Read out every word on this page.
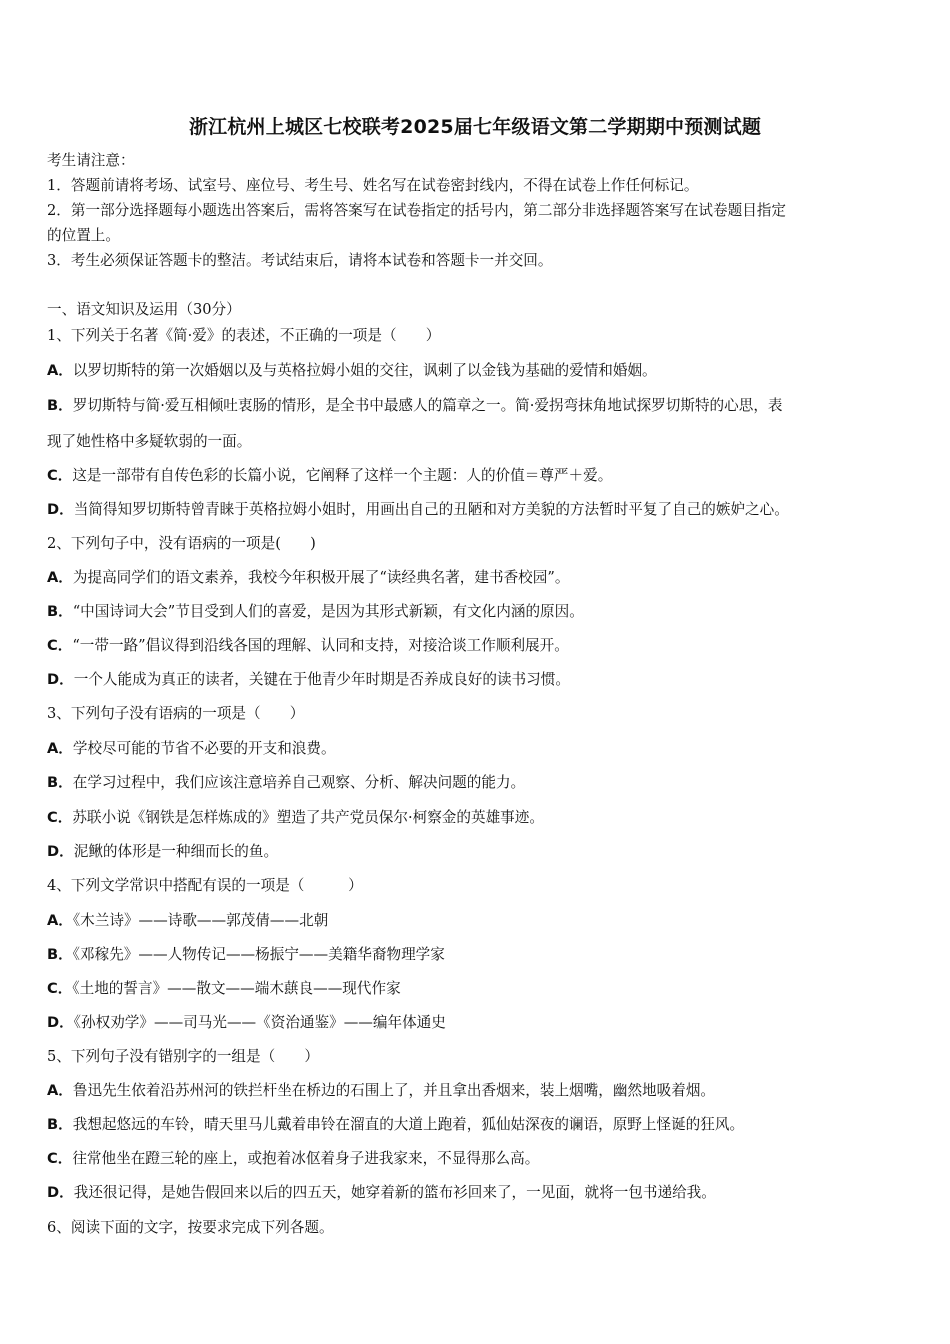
浙江杭州上城区七校联考2025届七年级语文第二学期期中预测试题
考生请注意：
1．答题前请将考场、试室号、座位号、考生号、姓名写在试卷密封线内，不得在试卷上作任何标记。
2．第一部分选择题每小题选出答案后，需将答案写在试卷指定的括号内，第二部分非选择题答案写在试卷题目指定
的位置上。
3．考生必须保证答题卡的整洁。考试结束后，请将本试卷和答题卡一并交回。
一、语文知识及运用（30分）
1、下列关于名著《简·爱》的表述，不正确的一项是（　　）
A．以罗切斯特的第一次婚姻以及与英格拉姆小姐的交往，讽刺了以金钱为基础的爱情和婚姻。
B．罗切斯特与简·爱互相倾吐衷肠的情形，是全书中最感人的篇章之一。简·爱拐弯抹角地试探罗切斯特的心思，表
现了她性格中多疑软弱的一面。
C．这是一部带有自传色彩的长篇小说，它阐释了这样一个主题：人的价值＝尊严＋爱。
D．当简得知罗切斯特曾青睐于英格拉姆小姐时，用画出自己的丑陋和对方美貌的方法暂时平复了自己的嫉妒之心。
2、下列句子中，没有语病的一项是(　　)
A．为提高同学们的语文素养，我校今年积极开展了“读经典名著，建书香校园”。
B．“中国诗词大会”节目受到人们的喜爱，是因为其形式新颖，有文化内涵的原因。
C．“一带一路”倡议得到沿线各国的理解、认同和支持，对接洽谈工作顺利展开。
D．一个人能成为真正的读者，关键在于他青少年时期是否养成良好的读书习惯。
3、下列句子没有语病的一项是（　　）
A．学校尽可能的节省不必要的开支和浪费。
B．在学习过程中，我们应该注意培养自己观察、分析、解决问题的能力。
C．苏联小说《钢铁是怎样炼成的》塑造了共产党员保尔·柯察金的英雄事迹。
D．泥鳅的体形是一种细而长的鱼。
4、下列文学常识中搭配有误的一项是（　　　）
A．《木兰诗》——诗歌——郭茂倩——北朝
B．《邓稼先》——人物传记——杨振宁——美籍华裔物理学家
C．《土地的誓言》——散文——端木蕻良——现代作家
D．《孙权劝学》——司马光——《资治通鉴》——编年体通史
5、下列句子没有错别字的一组是（　　）
A．鲁迅先生依着沿苏州河的铁拦杆坐在桥边的石围上了，并且拿出香烟来，装上烟嘴，幽然地吸着烟。
B．我想起悠远的车铃，晴天里马儿戴着串铃在溜直的大道上跑着，狐仙姑深夜的谰语，原野上怪诞的狂风。
C．往常他坐在蹬三轮的座上，或抱着冰伛着身子进我家来，不显得那么高。
D．我还很记得，是她告假回来以后的四五天，她穿着新的篮布衫回来了，一见面，就将一包书递给我。
6、阅读下面的文字，按要求完成下列各题。
